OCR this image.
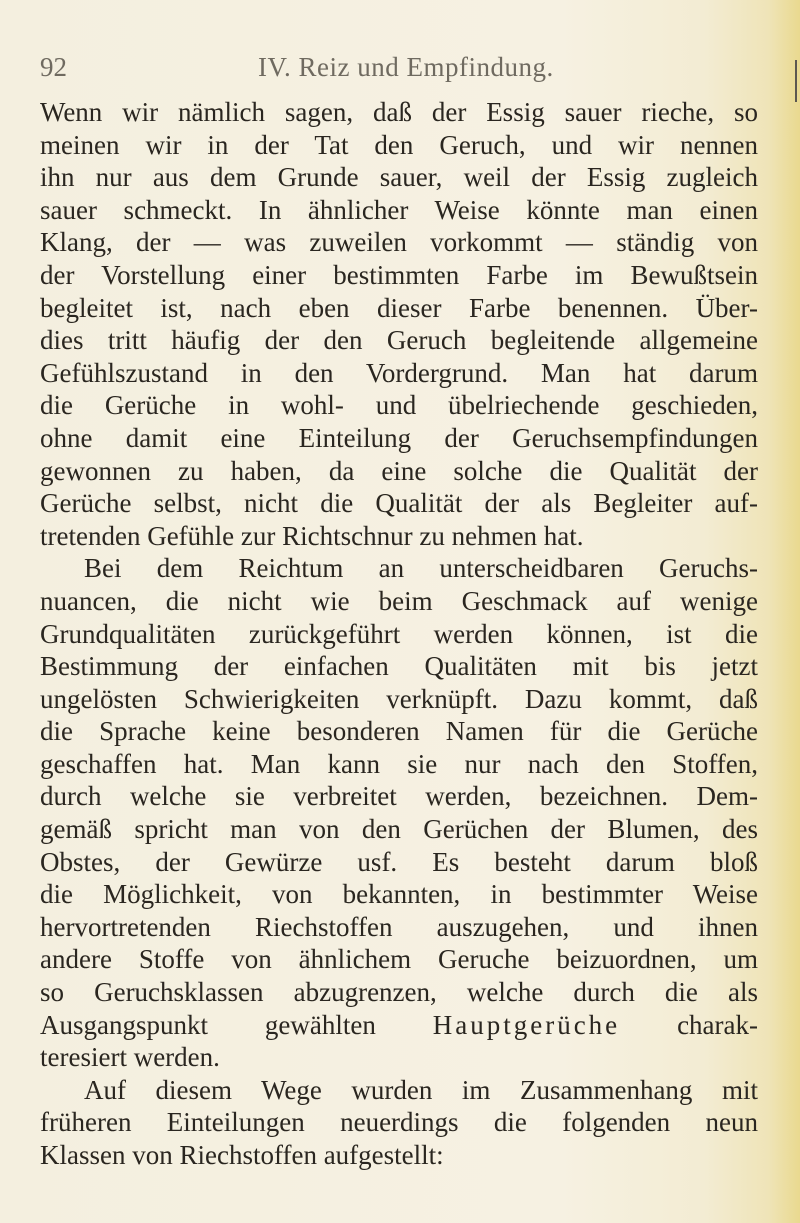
92	IV. Reiz und Empfindung.

Wenn wir nämlich sagen, daß der Essig sauer rieche, so

meinen wir in der Tat den Geruch, und wir nennen

ihn nur aus dem Grunde sauer, weil der Essig zugleich

sauer schmeckt. In ähnlicher Weise könnte man einen

Klang, der — was zuweilen vorkommt — ständig von

der Vorstellung einer bestimmten Farbe im Bewußtsein

begleitet ist, nach eben dieser Farbe benennen. Über-

dies tritt häufig der den Geruch begleitende allgemeine

Gefühlszustand in den Vordergrund. Man hat darum

die Gerüche in wohl- und übelriechende geschieden,

ohne damit eine Einteilung der Geruchsempfindungen

gewonnen zu haben, da eine solche die Qualität der

Gerüche selbst, nicht die Qualität der als Begleiter auf-

tretenden Gefühle zur Richtschnur zu nehmen hat.

Bei dem Reichtum an unterscheidbaren Geruchs-

nuancen, die nicht wie beim Geschmack auf wenige

Grundqualitäten zurückgeführt werden können, ist die

Bestimmung der einfachen Qualitäten mit bis jetzt

ungelösten Schwierigkeiten verknüpft. Dazu kommt, daß

die Sprache keine besonderen Namen für die Gerüche

geschaffen hat. Man kann sie nur nach den Stoffen,

durch welche sie verbreitet werden, bezeichnen. Dem-

gemäß spricht man von den Gerüchen der Blumen, des

Obstes, der Gewürze usf. Es besteht darum bloß

die Möglichkeit, von bekannten, in bestimmter Weise

hervortretenden Riechstoffen auszugehen, und ihnen

andere Stoffe von ähnlichem Geruche beizuordnen, um

so Geruchsklassen abzugrenzen, welche durch die als

Ausgangspunkt gewählten Hauptgerüche charak-

teresiert werden.

Auf diesem Wege wurden im Zusammenhang mit

früheren Einteilungen neuerdings die folgenden neun

Klassen von Riechstoffen aufgestellt:
